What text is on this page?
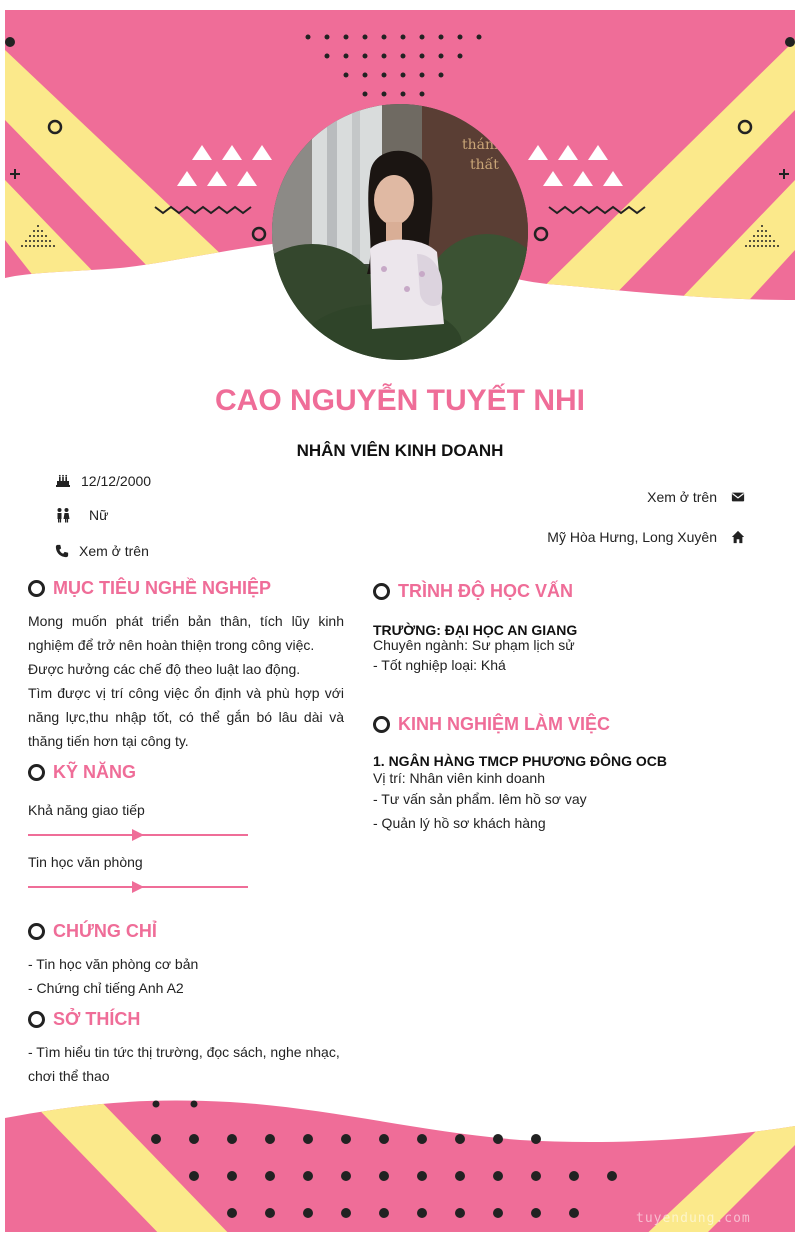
thánh
thất
CAO NGUYỄN TUYẾT NHI
NHÂN VIÊN KINH DOANH
12/12/2000
Nữ
Xem ở trên
Xem ở trên
Mỹ Hòa Hưng, Long Xuyên
MỤC TIÊU NGHỀ NGHIỆP
Mong muốn phát triển bản thân, tích lũy kinh nghiệm để trở nên hoàn thiện trong công việc.
Được hưởng các chế độ theo luật lao động.
Tìm được vị trí công việc ổn định và phù hợp với năng lực,thu nhập tốt, có thể gắn bó lâu dài và thăng tiến hơn tại công ty.
KỸ NĂNG
Khả năng giao tiếp
Tin học văn phòng
CHỨNG CHỈ
- Tin học văn phòng cơ bản
- Chứng chỉ tiếng Anh A2
SỞ THÍCH
- Tìm hiểu tin tức thị trường, đọc sách, nghe nhạc, chơi thể thao
TRÌNH ĐỘ HỌC VẤN
TRƯỜNG: ĐẠI HỌC AN GIANG
Chuyên ngành: Sư phạm lịch sử
- Tốt nghiệp loại: Khá
KINH NGHIỆM LÀM VIỆC
1. NGÂN HÀNG TMCP PHƯƠNG ĐÔNG OCB
Vị trí: Nhân viên kinh doanh
- Tư vấn sản phẩm. lêm hồ sơ vay
- Quản lý hồ sơ khách hàng
tuyendung.com
